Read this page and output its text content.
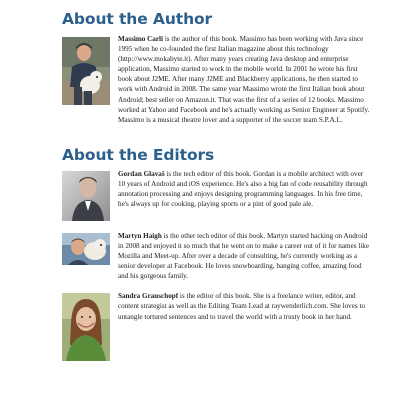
About the Author

Massimo Carli is the author of this book. Massimo has been working with Java since 1995 when he co-founded the first Italian magazine about this technology (http://www.mokabyte.it). After many years creating Java desktop and enterprise application, Massimo started to work in the mobile world. In 2001 he wrote his first book about J2ME. After many J2ME and Blackberry applications, he then started to work with Android in 2008. The same year Massimo wrote the first Italian book about Android; best seller on Amazon.it. That was the first of a series of 12 books. Massimo worked at Yahoo and Facebook and he's actually working as Senior Engineer at Spotify. Massimo is a musical theatre lover and a supporter of the soccer team S.P.A.L.

About the Editors

Gordan Glavaš is the tech editor of this book. Gordan is a mobile architect with over 10 years of Android and iOS experience. He's also a big fan of code reusability through annotation processing and enjoys designing programming languages. In his free time, he's always up for cooking, playing sports or a pint of good pale ale.

Martyn Haigh is the other tech editor of this book. Martyn started hacking on Android in 2008 and enjoyed it so much that he went on to make a career out of it for names like Mozilla and Meet-up. After over a decade of consulting, he's currently working as a senior developer at Facebook. He loves snowboarding, banging coffee, amazing food and his gorgeous family.

Sandra Grauschopf is the editor of this book. She is a freelance writer, editor, and content strategist as well as the Editing Team Lead at raywenderlich.com. She loves to untangle tortured sentences and to travel the world with a trusty book in her hand.
